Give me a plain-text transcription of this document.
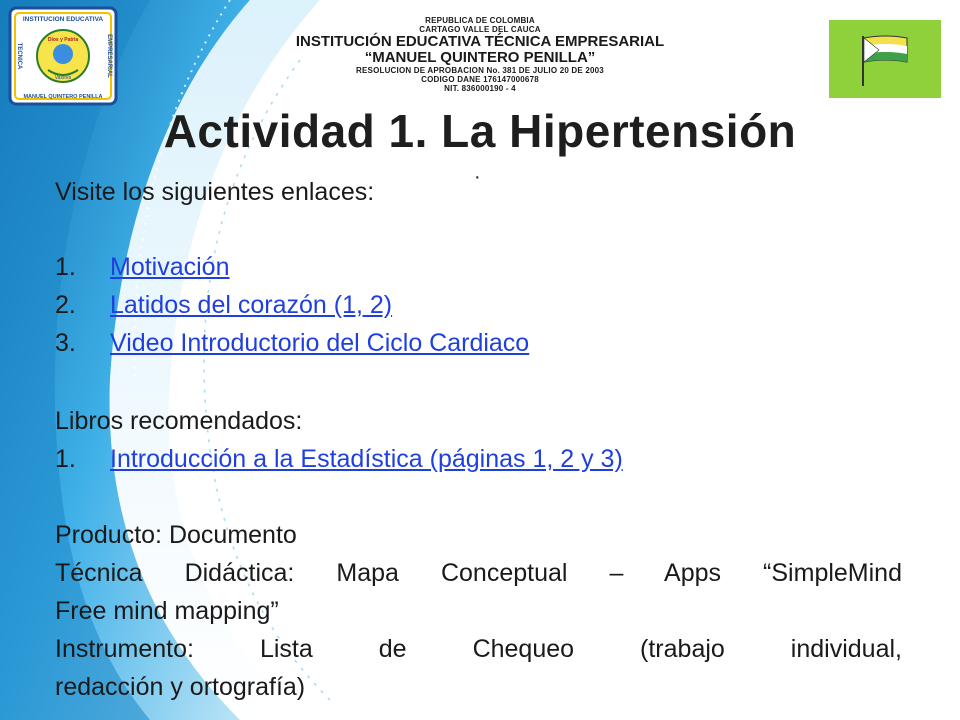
INSTITUCION EDUCATIVA
Dios y Patria
Valores
MANUEL QUINTERO PENILLA
TECNICA	EMPRESARIAL
REPUBLICA DE COLOMBIA
CARTAGO VALLE DEL CAUCA
INSTITUCIÓN EDUCATIVA TÉCNICA EMPRESARIAL
“MANUEL QUINTERO PENILLA”
RESOLUCION DE APROBACION No. 381 DE JULIO 20 DE 2003
CODIGO DANE 176147000678
NIT. 836000190 - 4
Actividad 1. La Hipertensión
Visite los siguientes enlaces:
·
1. Motivación
2. Latidos del corazón (1, 2)
3. Video Introductorio del Ciclo Cardiaco
Libros recomendados:
1. Introducción a la Estadística (páginas 1, 2 y 3)
Producto: Documento
Técnica Didáctica: Mapa Conceptual – Apps “SimpleMind
Free mind mapping”
Instrumento: Lista de Chequeo (trabajo individual,
redacción y ortografía)
